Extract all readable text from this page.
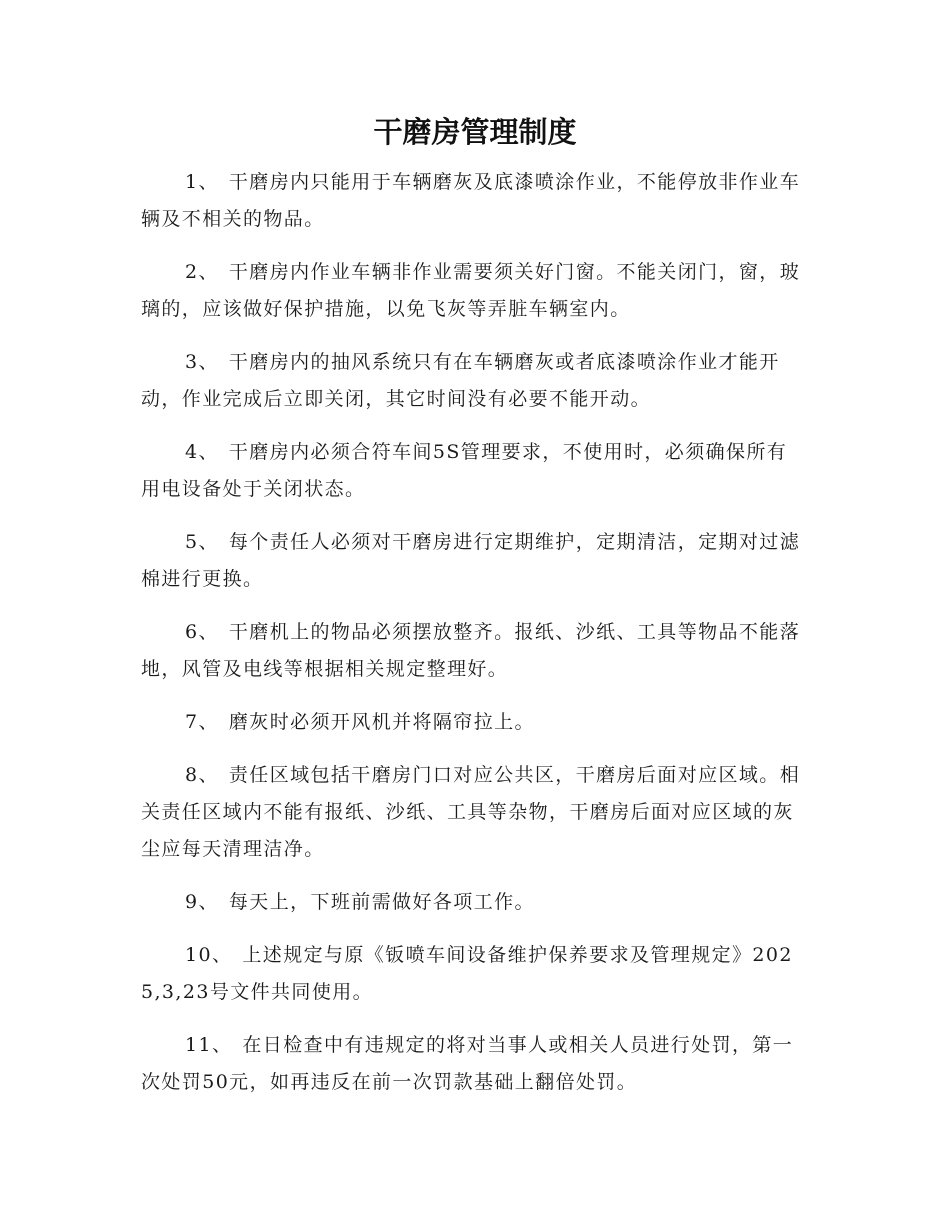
干磨房管理制度

1、 干磨房内只能用于车辆磨灰及底漆喷涂作业，不能停放非作业车辆及不相关的物品。

2、 干磨房内作业车辆非作业需要须关好门窗。不能关闭门，窗，玻璃的，应该做好保护措施，以免飞灰等弄脏车辆室内。

3、 干磨房内的抽风系统只有在车辆磨灰或者底漆喷涂作业才能开动，作业完成后立即关闭，其它时间没有必要不能开动。

4、 干磨房内必须合符车间5S管理要求，不使用时，必须确保所有用电设备处于关闭状态。

5、 每个责任人必须对干磨房进行定期维护，定期清洁，定期对过滤棉进行更换。

6、 干磨机上的物品必须摆放整齐。报纸、沙纸、工具等物品不能落地，风管及电线等根据相关规定整理好。

7、 磨灰时必须开风机并将隔帘拉上。

8、 责任区域包括干磨房门口对应公共区，干磨房后面对应区域。相关责任区域内不能有报纸、沙纸、工具等杂物，干磨房后面对应区域的灰尘应每天清理洁净。

9、 每天上，下班前需做好各项工作。

10、 上述规定与原《钣喷车间设备维护保养要求及管理规定》2025,3,23号文件共同使用。

11、 在日检查中有违规定的将对当事人或相关人员进行处罚，第一次处罚50元，如再违反在前一次罚款基础上翻倍处罚。
